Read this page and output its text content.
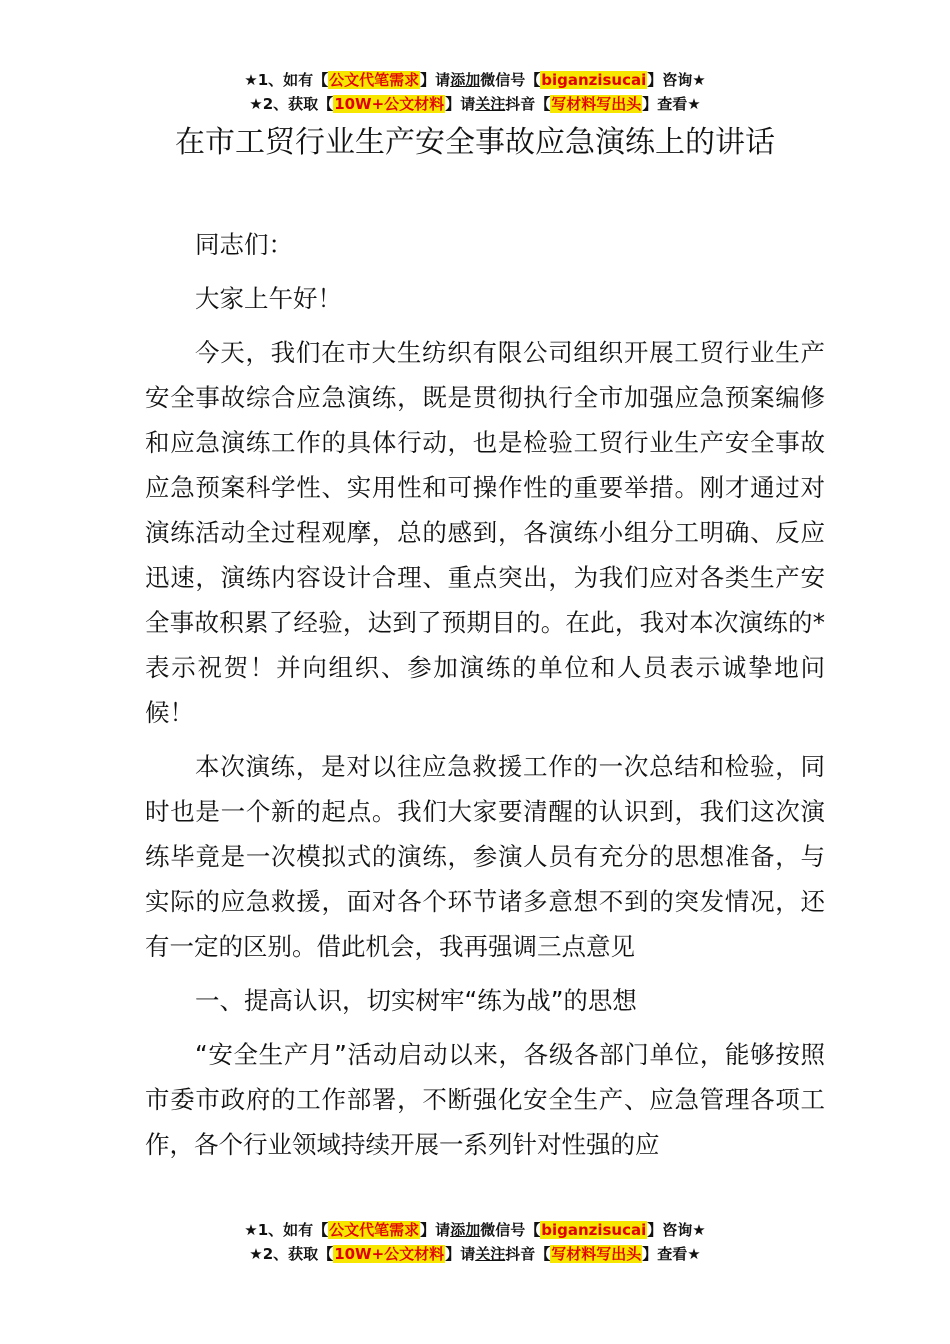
★1、如有【公文代笔需求】请添加微信号【biganzisucai】咨询★
★2、获取【10W+公文材料】请关注抖音【写材料写出头】查看★
在市工贸行业生产安全事故应急演练上的讲话

同志们：

大家上午好！

今天，我们在市大生纺织有限公司组织开展工贸行业生产安全事故综合应急演练，既是贯彻执行全市加强应急预案编修和应急演练工作的具体行动，也是检验工贸行业生产安全事故应急预案科学性、实用性和可操作性的重要举措。刚才通过对演练活动全过程观摩，总的感到，各演练小组分工明确、反应迅速，演练内容设计合理、重点突出，为我们应对各类生产安全事故积累了经验，达到了预期目的。在此，我对本次演练的*表示祝贺！并向组织、参加演练的单位和人员表示诚挚地问候！

本次演练，是对以往应急救援工作的一次总结和检验，同时也是一个新的起点。我们大家要清醒的认识到，我们这次演练毕竟是一次模拟式的演练，参演人员有充分的思想准备，与实际的应急救援，面对各个环节诸多意想不到的突发情况，还有一定的区别。借此机会，我再强调三点意见

一、提高认识，切实树牢“练为战”的思想

“安全生产月”活动启动以来，各级各部门单位，能够按照市委市政府的工作部署，不断强化安全生产、应急管理各项工作，各个行业领域持续开展一系列针对性强的应

★1、如有【公文代笔需求】请添加微信号【biganzisucai】咨询★
★2、获取【10W+公文材料】请关注抖音【写材料写出头】查看★
